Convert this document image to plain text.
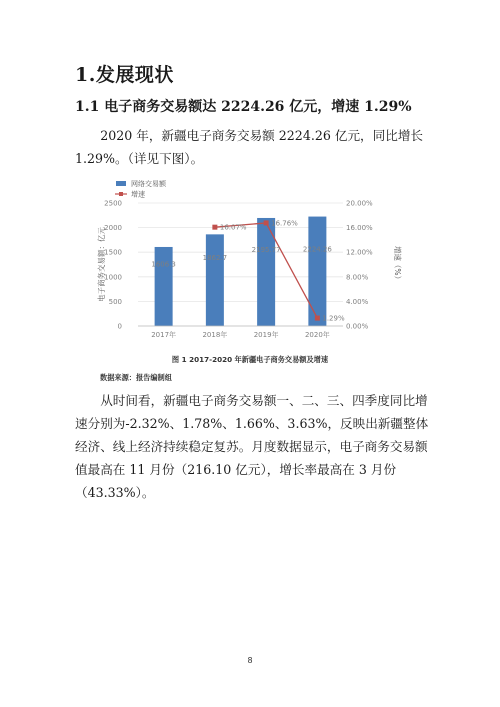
1.发展现状
1.1 电子商务交易额达 2224.26 亿元，增速 1.29%
2020 年，新疆电子商务交易额 2224.26 亿元，同比增长 1.29%。（详见下图）。
1606.3
1862.7
2195.77	2224.26
16.07%
16.76%
1.29%
0
500
1000
1500
2000
2500
0.00%
4.00%
8.00%
12.00%
16.00%
20.00%
电子商务交易额：亿元	增速（%）
2017年	2018年	2019年	2020年
网络交易额
增速
图 1 2017-2020 年新疆电子商务交易额及增速
数据来源：报告编制组
从时间看，新疆电子商务交易额一、二、三、四季度同比增速分别为-2.32%、1.78%、1.66%、3.63%，反映出新疆整体经济、线上经济持续稳定复苏。月度数据显示，电子商务交易额值最高在 11 月份（216.10 亿元），增长率最高在 3 月份（43.33%）。
8
